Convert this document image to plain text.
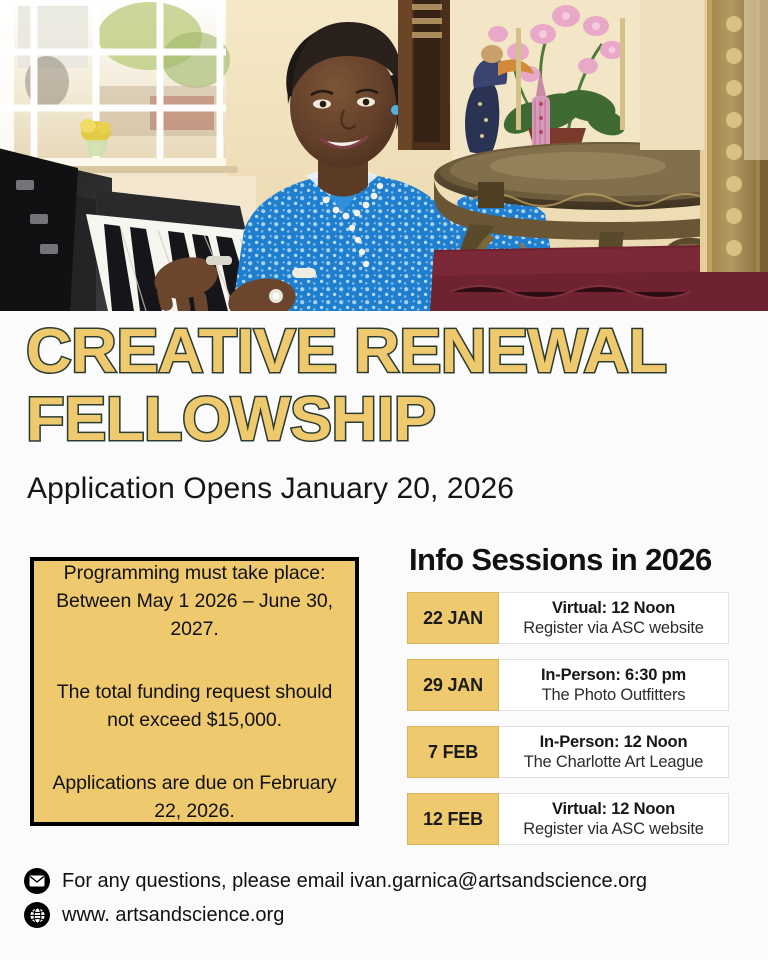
CREATIVE RENEWAL
FELLOWSHIP
Application Opens January 20, 2026
Programming must take place: Between May 1 2026 – June 30, 2027.
The total funding request should not exceed $15,000.
Applications are due on February 22, 2026.
Info Sessions in 2026
22 JAN	Virtual: 12 Noon
Register via ASC website
29 JAN	In-Person: 6:30 pm
The Photo Outfitters
7 FEB	In-Person: 12 Noon
The Charlotte Art League
12 FEB	Virtual: 12 Noon
Register via ASC website
For any questions, please email ivan.garnica@artsandscience.org
www. artsandscience.org
